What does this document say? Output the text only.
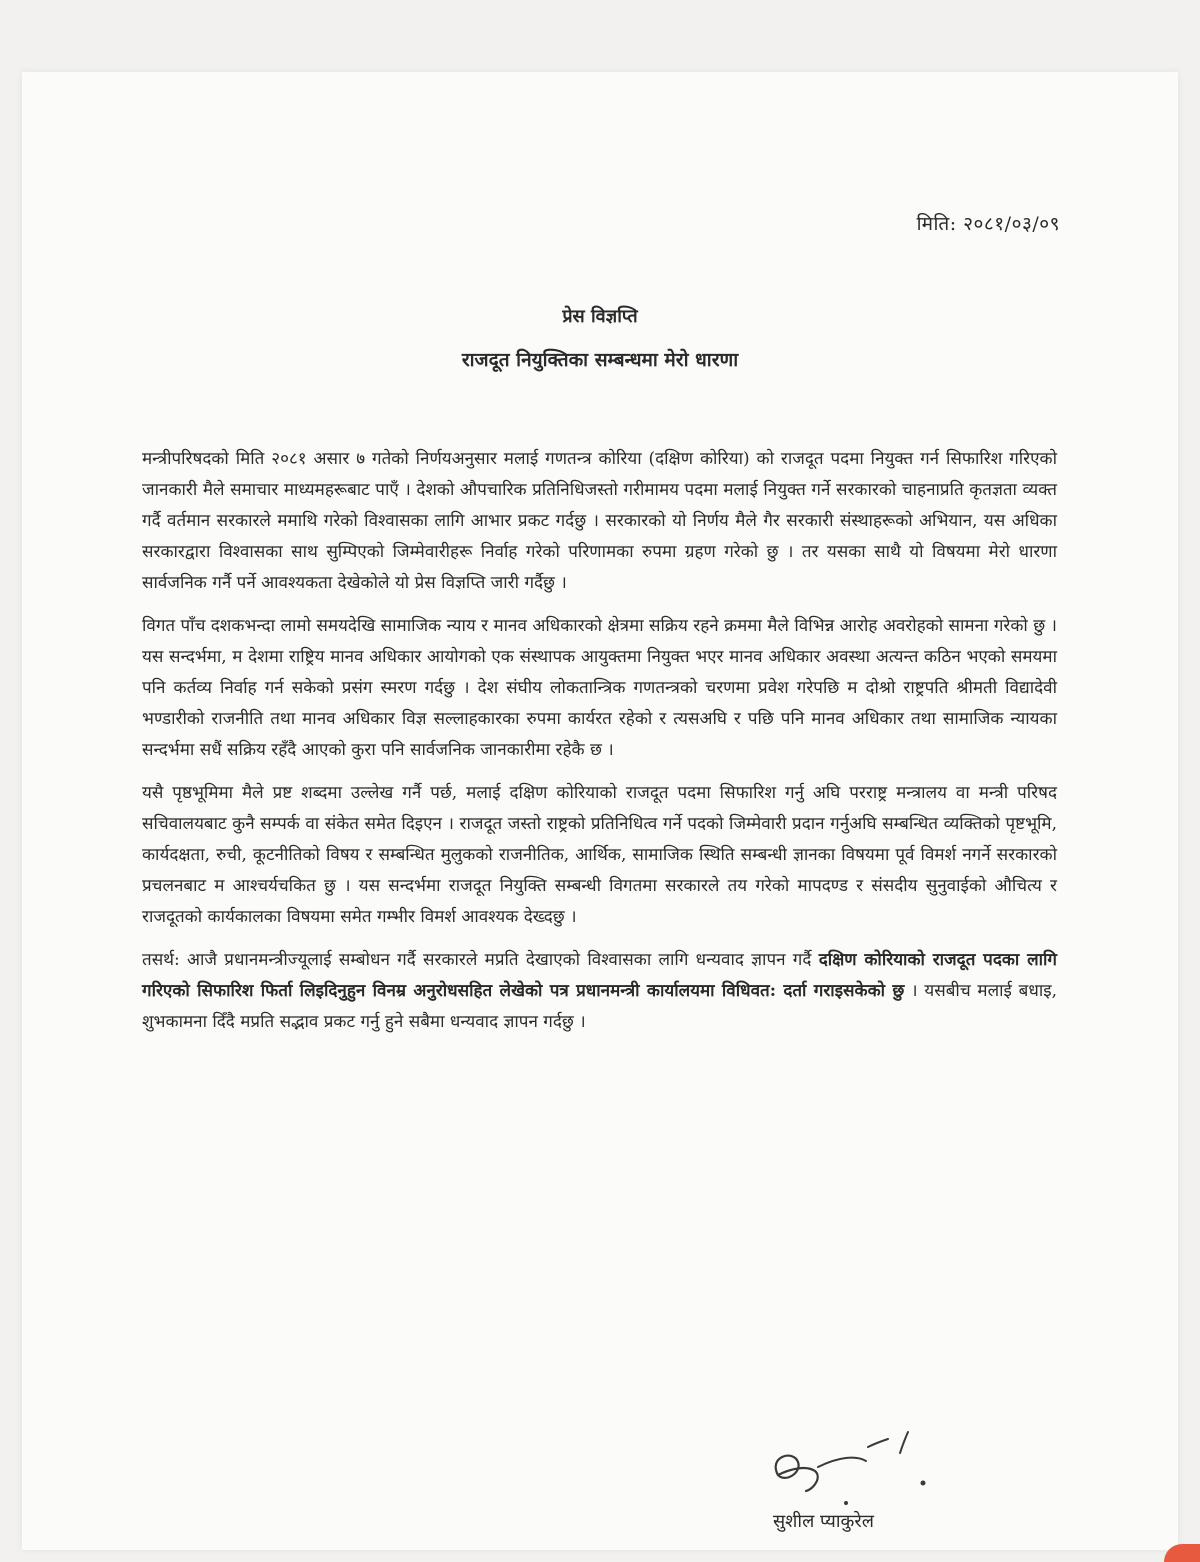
मिति: २०८१/०३/०९
प्रेस विज्ञप्ति
राजदूत नियुक्तिका सम्बन्धमा मेरो धारणा

मन्त्रीपरिषदको मिति २०८१ असार ७ गतेको निर्णयअनुसार मलाई गणतन्त्र कोरिया (दक्षिण कोरिया) को राजदूत पदमा नियुक्त गर्न सिफारिश गरिएको जानकारी मैले समाचार माध्यमहरूबाट पाएँ । देशको औपचारिक प्रतिनिधिजस्तो गरीमामय पदमा मलाई नियुक्त गर्ने सरकारको चाहनाप्रति कृतज्ञता व्यक्त गर्दै वर्तमान सरकारले ममाथि गरेको विश्वासका लागि आभार प्रकट गर्दछु । सरकारको यो निर्णय मैले गैर सरकारी संस्थाहरूको अभियान, यस अधिका सरकारद्वारा विश्वासका साथ सुम्पिएको जिम्मेवारीहरू निर्वाह गरेको परिणामका रुपमा ग्रहण गरेको छु । तर यसका साथै यो विषयमा मेरो धारणा सार्वजनिक गर्नै पर्ने आवश्यकता देखेकोले यो प्रेस विज्ञप्ति जारी गर्दैछु ।

विगत पाँच दशकभन्दा लामो समयदेखि सामाजिक न्याय र मानव अधिकारको क्षेत्रमा सक्रिय रहने क्रममा मैले विभिन्न आरोह अवरोहको सामना गरेको छु । यस सन्दर्भमा, म देशमा राष्ट्रिय मानव अधिकार आयोगको एक संस्थापक आयुक्तमा नियुक्त भएर मानव अधिकार अवस्था अत्यन्त कठिन भएको समयमा पनि कर्तव्य निर्वाह गर्न सकेको प्रसंग स्मरण गर्दछु । देश संघीय लोकतान्त्रिक गणतन्त्रको चरणमा प्रवेश गरेपछि म दोश्रो राष्ट्रपति श्रीमती विद्यादेवी भण्डारीको राजनीति तथा मानव अधिकार विज्ञ सल्लाहकारका रुपमा कार्यरत रहेको र त्यसअघि र पछि पनि मानव अधिकार तथा सामाजिक न्यायका सन्दर्भमा सधैं सक्रिय रहँदै आएको कुरा पनि सार्वजनिक जानकारीमा रहेकै छ ।

यसै पृष्ठभूमिमा मैले प्रष्ट शब्दमा उल्लेख गर्नै पर्छ, मलाई दक्षिण कोरियाको राजदूत पदमा सिफारिश गर्नु अघि परराष्ट्र मन्त्रालय वा मन्त्री परिषद सचिवालयबाट कुनै सम्पर्क वा संकेत समेत दिइएन । राजदूत जस्तो राष्ट्रको प्रतिनिधित्व गर्ने पदको जिम्मेवारी प्रदान गर्नुअघि सम्बन्धित व्यक्तिको पृष्टभूमि, कार्यदक्षता, रुची, कूटनीतिको विषय र सम्बन्धित मुलुकको राजनीतिक, आर्थिक, सामाजिक स्थिति सम्बन्धी ज्ञानका विषयमा पूर्व विमर्श नगर्ने सरकारको प्रचलनबाट म आश्चर्यचकित छु । यस सन्दर्भमा राजदूत नियुक्ति सम्बन्धी विगतमा सरकारले तय गरेको मापदण्ड र संसदीय सुनुवाईको औचित्य र राजदूतको कार्यकालका विषयमा समेत गम्भीर विमर्श आवश्यक देख्दछु ।

तसर्थ: आजै प्रधानमन्त्रीज्यूलाई सम्बोधन गर्दै सरकारले मप्रति देखाएको विश्वासका लागि धन्यवाद ज्ञापन गर्दै दक्षिण कोरियाको राजदूत पदका लागि गरिएको सिफारिश फिर्ता लिइदिनुहुन विनम्र अनुरोधसहित लेखेको पत्र प्रधानमन्त्री कार्यालयमा विधिवत: दर्ता गराइसकेको छु । यसबीच मलाई बधाइ, शुभकामना दिँदै मप्रति सद्भाव प्रकट गर्नु हुने सबैमा धन्यवाद ज्ञापन गर्दछु ।

सुशील प्याकुरेल
